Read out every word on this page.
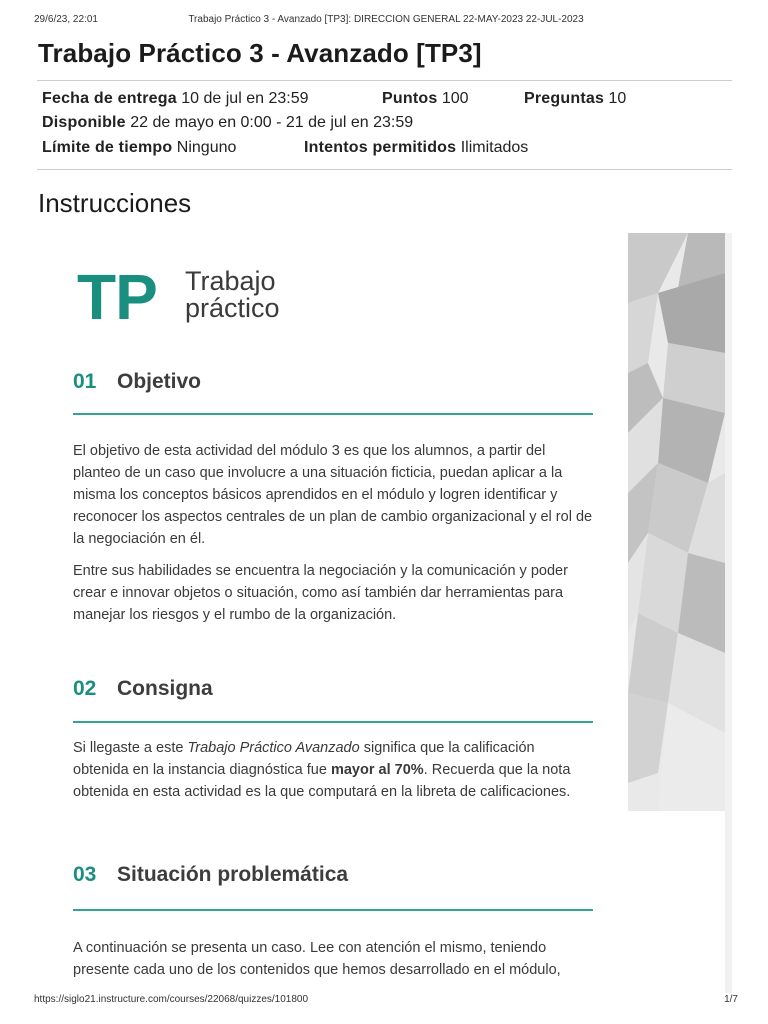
29/6/23, 22:01	Trabajo Práctico 3 - Avanzado [TP3]: DIRECCION GENERAL 22-MAY-2023 22-JUL-2023
Trabajo Práctico 3 - Avanzado [TP3]
Fecha de entrega 10 de jul en 23:59	Puntos 100	Preguntas 10
Disponible 22 de mayo en 0:00 - 21 de jul en 23:59
Límite de tiempo Ninguno	Intentos permitidos Ilimitados
Instrucciones
TP Trabajo
práctico
01 Objetivo

El objetivo de esta actividad del módulo 3 es que los alumnos, a partir del planteo de un caso que involucre a una situación ficticia, puedan aplicar a la misma los conceptos básicos aprendidos en el módulo y logren identificar y reconocer los aspectos centrales de un plan de cambio organizacional y el rol de la negociación en él.

Entre sus habilidades se encuentra la negociación y la comunicación y poder crear e innovar objetos o situación, como así también dar herramientas para manejar los riesgos y el rumbo de la organización.

02 Consigna

Si llegaste a este Trabajo Práctico Avanzado significa que la calificación obtenida en la instancia diagnóstica fue mayor al 70%. Recuerda que la nota obtenida en esta actividad es la que computará en la libreta de calificaciones.

03 Situación problemática

A continuación se presenta un caso. Lee con atención el mismo, teniendo presente cada uno de los contenidos que hemos desarrollado en el módulo,

https://siglo21.instructure.com/courses/22068/quizzes/101800	1/7
